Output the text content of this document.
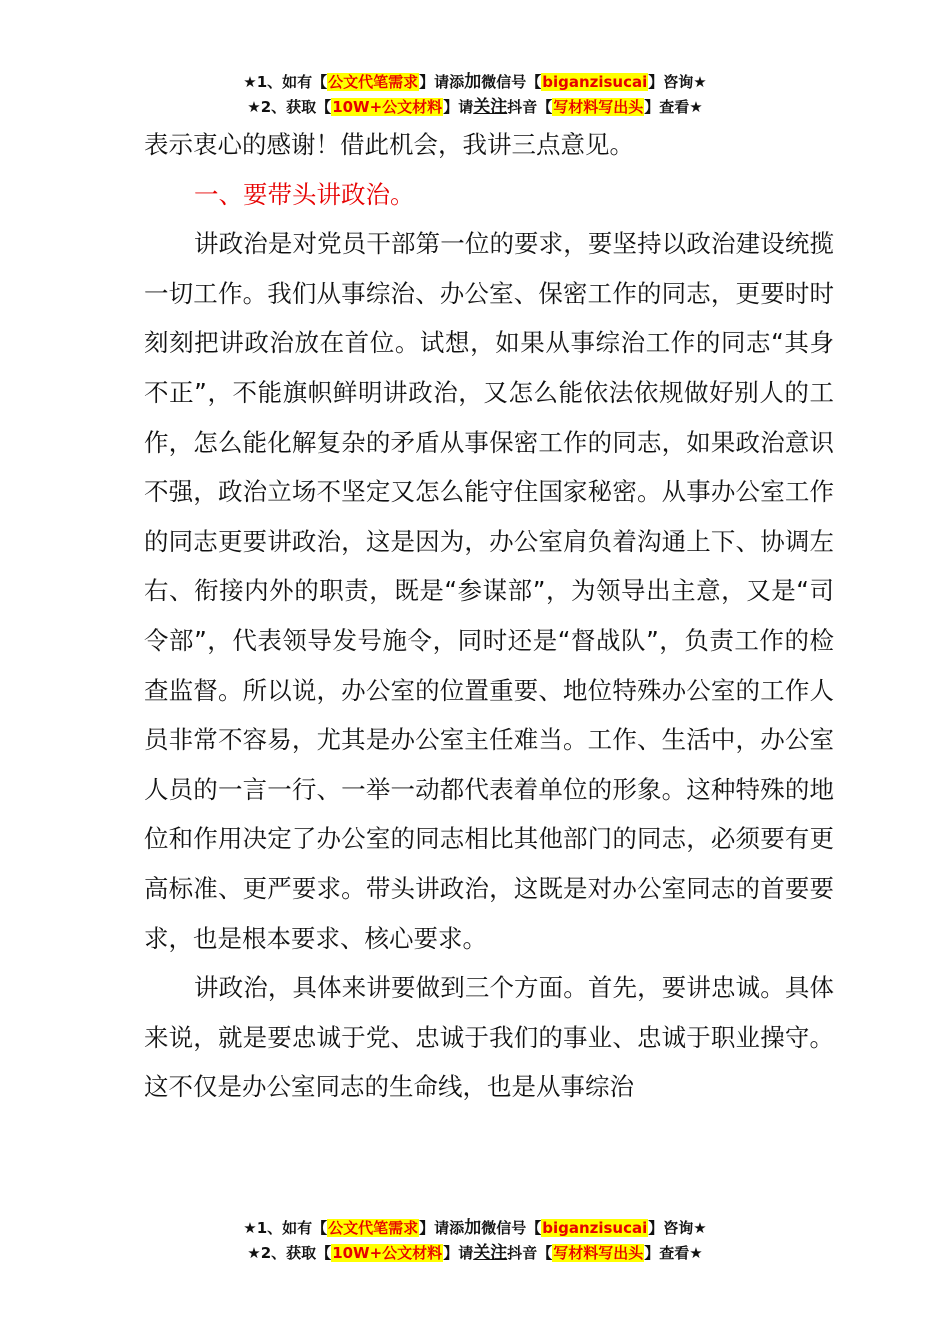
★1、如有【公文代笔需求】请添加微信号【biganzisucai】咨询★
★2、获取【10W+公文材料】请关注抖音【写材料写出头】查看★

表示衷心的感谢！借此机会，我讲三点意见。

一、要带头讲政治。

讲政治是对党员干部第一位的要求，要坚持以政治建设统揽一切工作。我们从事综治、办公室、保密工作的同志，更要时时刻刻把讲政治放在首位。试想，如果从事综治工作的同志“其身不正”，不能旗帜鲜明讲政治，又怎么能依法依规做好别人的工作，怎么能化解复杂的矛盾从事保密工作的同志，如果政治意识不强，政治立场不坚定又怎么能守住国家秘密。从事办公室工作的同志更要讲政治，这是因为，办公室肩负着沟通上下、协调左右、衔接内外的职责，既是“参谋部”，为领导出主意，又是“司令部”，代表领导发号施令，同时还是“督战队”，负责工作的检查监督。所以说，办公室的位置重要、地位特殊办公室的工作人员非常不容易，尤其是办公室主任难当。工作、生活中，办公室人员的一言一行、一举一动都代表着单位的形象。这种特殊的地位和作用决定了办公室的同志相比其他部门的同志，必须要有更高标准、更严要求。带头讲政治，这既是对办公室同志的首要要求，也是根本要求、核心要求。

讲政治，具体来讲要做到三个方面。首先，要讲忠诚。具体来说，就是要忠诚于党、忠诚于我们的事业、忠诚于职业操守。这不仅是办公室同志的生命线，也是从事综治

★1、如有【公文代笔需求】请添加微信号【biganzisucai】咨询★
★2、获取【10W+公文材料】请关注抖音【写材料写出头】查看★
